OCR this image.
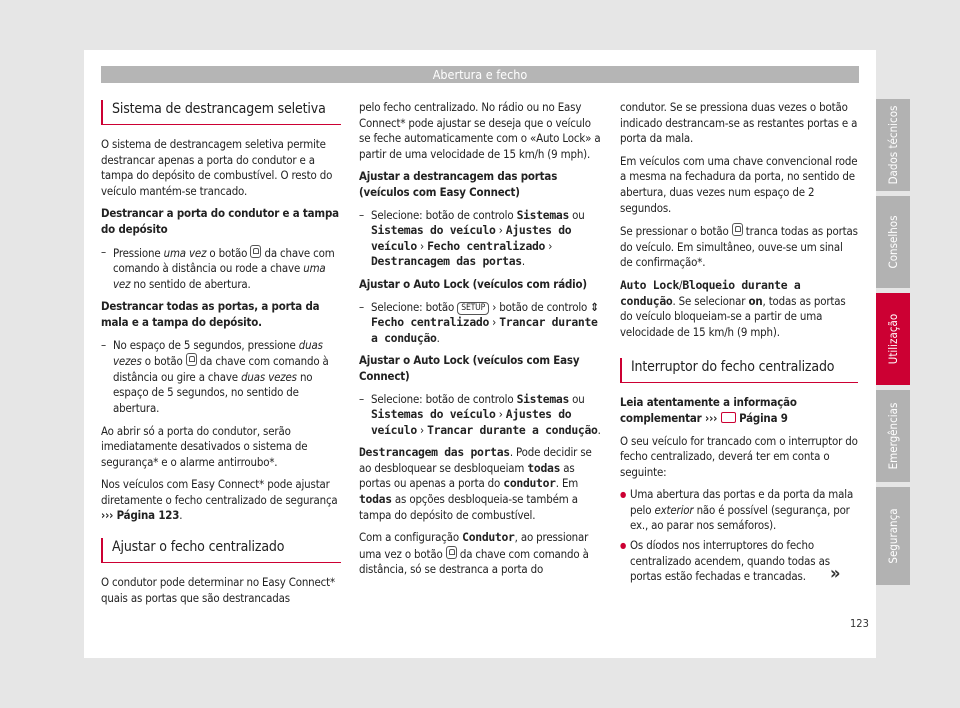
Abertura e fecho
Sistema de destrancagem seletiva

O sistema de destrancagem seletiva permite destrancar apenas a porta do condutor e a tampa do depósito de combustível. O resto do veículo mantém-se trancado.

Destrancar a porta do condutor e a tampa do depósito

– Pressione uma vez o botão  da chave com comando à distância ou rode a chave uma vez no sentido de abertura.

Destrancar todas as portas, a porta da mala e a tampa do depósito.

– No espaço de 5 segundos, pressione duas vezes o botão  da chave com comando à distância ou gire a chave duas vezes no espaço de 5 segundos, no sentido de abertura.

Ao abrir só a porta do condutor, serão imediatamente desativados o sistema de segurança* e o alarme antirroubo*.

Nos veículos com Easy Connect* pode ajustar diretamente o fecho centralizado de segurança ››› Página 123.

Ajustar o fecho centralizado

O condutor pode determinar no Easy Connect* quais as portas que são destrancadas

pelo fecho centralizado. No rádio ou no Easy Connect* pode ajustar se deseja que o veículo se feche automaticamente com o «Auto Lock» a partir de uma velocidade de 15 km/h (9 mph).

Ajustar a destrancagem das portas (veículos com Easy Connect)

– Selecione: botão de controlo Sistemas ou Sistemas do veículo › Ajustes do veículo › Fecho centralizado › Destrancagem das portas.

Ajustar o Auto Lock (veículos com rádio)

– Selecione: botão SETUP › botão de controlo ⇕ Fecho centralizado › Trancar durante a condução.

Ajustar o Auto Lock (veículos com Easy Connect)

– Selecione: botão de controlo Sistemas ou Sistemas do veículo › Ajustes do veículo › Trancar durante a condução.

Destrancagem das portas. Pode decidir se ao desbloquear se desbloqueiam todas as portas ou apenas a porta do condutor. Em todas as opções desbloqueia-se também a tampa do depósito de combustível.

Com a configuração Condutor, ao pressionar uma vez o botão  da chave com comando à distância, só se destranca a porta do

condutor. Se se pressiona duas vezes o botão indicado destrancam-se as restantes portas e a porta da mala.

Em veículos com uma chave convencional rode a mesma na fechadura da porta, no sentido de abertura, duas vezes num espaço de 2 segundos.

Se pressionar o botão  tranca todas as portas do veículo. Em simultâneo, ouve-se um sinal de confirmação*.

Auto Lock/Bloqueio durante a condução. Se selecionar on, todas as portas do veículo bloqueiam-se a partir de uma velocidade de 15 km/h (9 mph).

Interruptor do fecho centralizado

Leia atentamente a informação complementar ›››  Página 9

O seu veículo for trancado com o interruptor do fecho centralizado, deverá ter em conta o seguinte:

● Uma abertura das portas e da porta da mala pelo exterior não é possível (segurança, por ex., ao parar nos semáforos).
● Os díodos nos interruptores do fecho centralizado acendem, quando todas as portas estão fechadas e trancadas.	»
123
Dados técnicos
Conselhos
Utilização
Emergências
Segurança
